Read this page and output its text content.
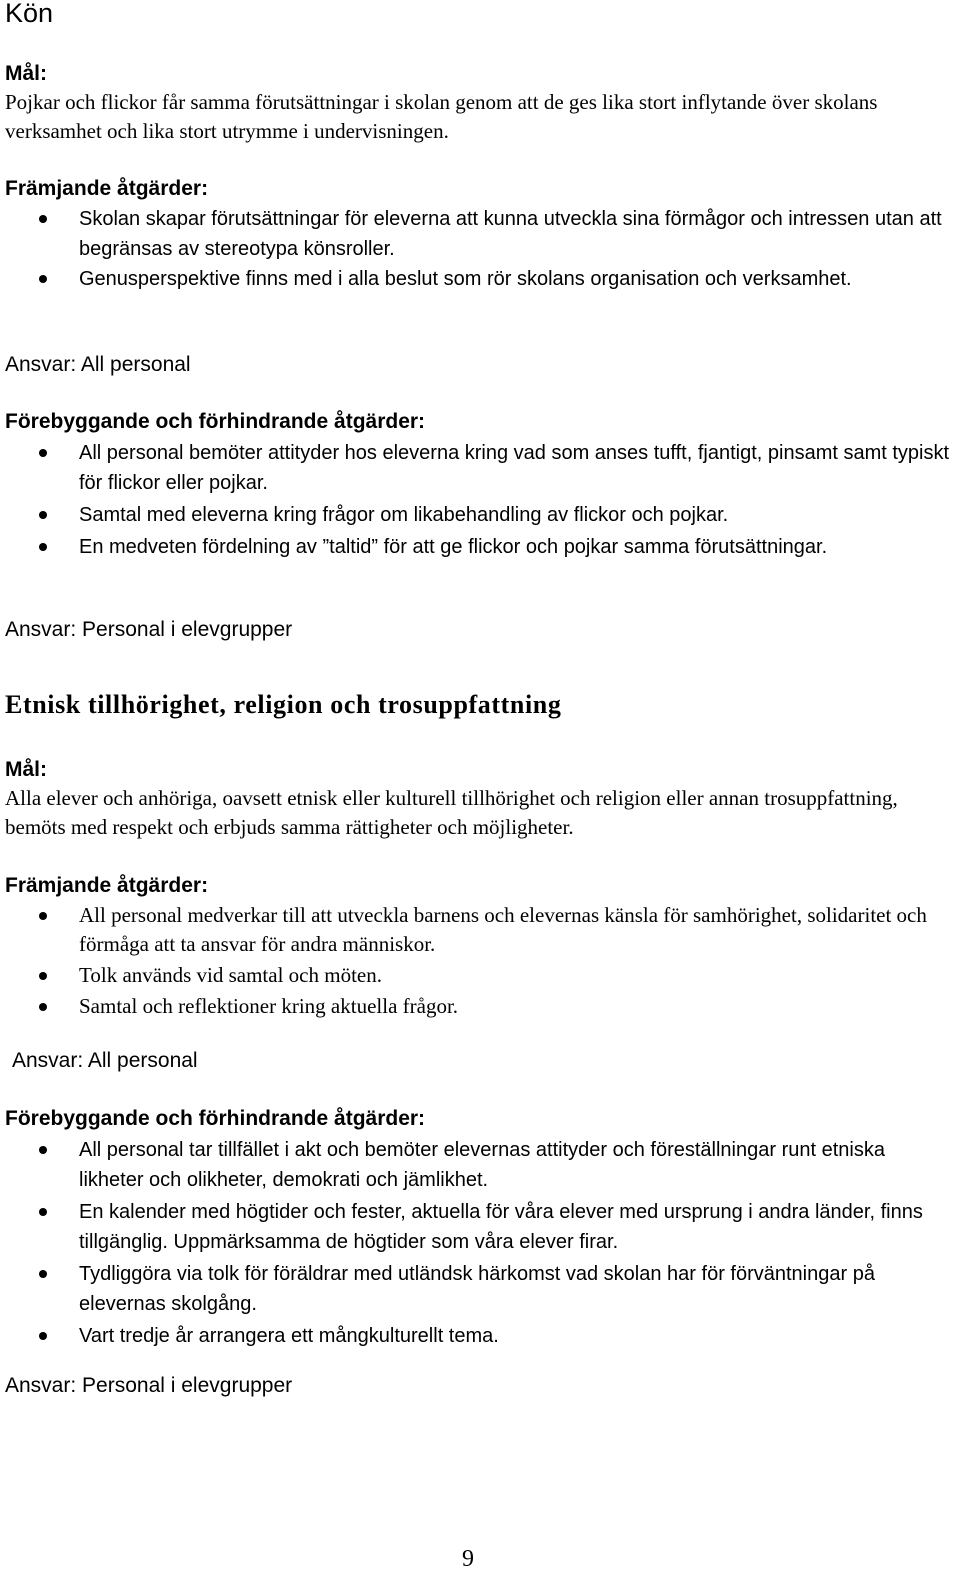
Kön
Mål:
Pojkar och flickor får samma förutsättningar i skolan genom att de ges lika stort inflytande över skolans verksamhet och lika stort utrymme i undervisningen.
Främjande åtgärder:
Skolan skapar förutsättningar för eleverna att kunna utveckla sina förmågor och intressen utan att begränsas av stereotypa könsroller.
Genusperspektive finns med i alla beslut som rör skolans organisation och verksamhet.
Ansvar: All personal
Förebyggande och förhindrande åtgärder:
All personal bemöter attityder hos eleverna kring vad som anses tufft, fjantigt, pinsamt samt typiskt för flickor eller pojkar.
Samtal med eleverna kring frågor om likabehandling av flickor och pojkar.
En medveten fördelning av ”taltid” för att ge flickor och pojkar samma förutsättningar.
Ansvar: Personal i elevgrupper
Etnisk tillhörighet, religion och trosuppfattning
Mål:
Alla elever och anhöriga, oavsett etnisk eller kulturell tillhörighet och religion eller annan trosuppfattning, bemöts med respekt och erbjuds samma rättigheter och möjligheter.
Främjande åtgärder:
All personal medverkar till att utveckla barnens och elevernas känsla för samhörighet, solidaritet och förmåga att ta ansvar för andra människor.
Tolk används vid samtal och möten.
Samtal och reflektioner kring aktuella frågor.
Ansvar: All personal
Förebyggande och förhindrande åtgärder:
All personal tar tillfället i akt och bemöter elevernas attityder och föreställningar runt etniska likheter och olikheter, demokrati och jämlikhet.
En kalender med högtider och fester, aktuella för våra elever med ursprung i andra länder, finns tillgänglig. Uppmärksamma de högtider som våra elever firar.
Tydliggöra via tolk för föräldrar med utländsk härkomst vad skolan har för förväntningar på elevernas skolgång.
Vart tredje år arrangera ett mångkulturellt tema.
Ansvar: Personal i elevgrupper
9
